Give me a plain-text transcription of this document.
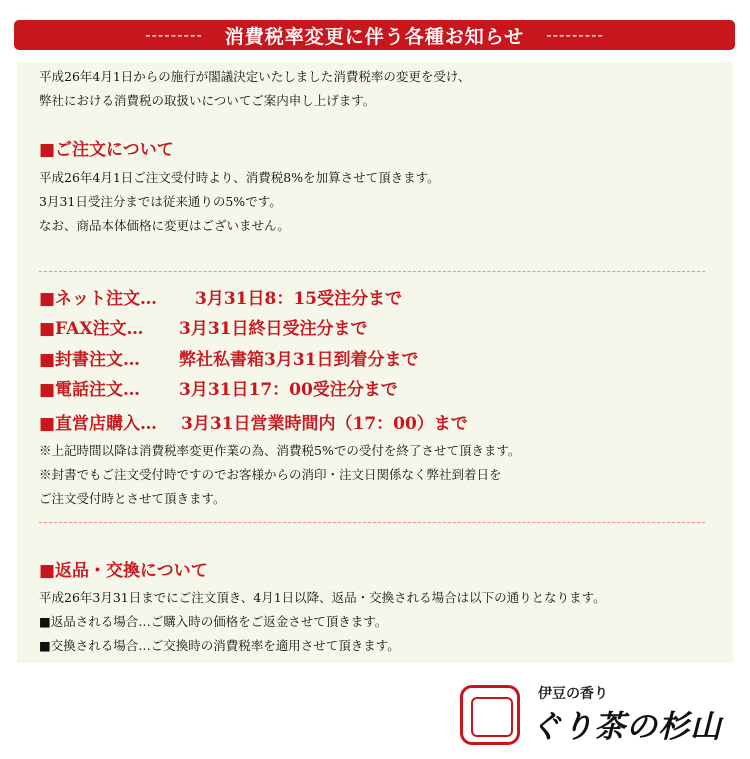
--------- 消費税率変更に伴う各種お知らせ ---------
平成26年4月1日からの施行が閣議決定いたしました消費税率の変更を受け、
弊社における消費税の取扱いについてご案内申し上げます。
■ご注文について
平成26年4月1日ご注文受付時より、消費税8%を加算させて頂きます。
3月31日受注分までは従来通りの5%です。
なお、商品本体価格に変更はございません。
■ネット注文… 3月31日8：15受注分まで
■FAX注文… 3月31日終日受注分まで
■封書注文… 弊社私書箱3月31日到着分まで
■電話注文… 3月31日17：00受注分まで
■直営店購入… 3月31日営業時間内（17：00）まで
※上記時間以降は消費税率変更作業の為、消費税5%での受付を終了させて頂きます。
※封書でもご注文受付時ですのでお客様からの消印・注文日関係なく弊社到着日を
ご注文受付時とさせて頂きます。
■返品・交換について
平成26年3月31日までにご注文頂き、4月1日以降、返品・交換される場合は以下の通りとなります。
■返品される場合…ご購入時の価格をご返金させて頂きます。
■交換される場合…ご交換時の消費税率を適用させて頂きます。
伊豆の香り
ぐり茶の杉山
